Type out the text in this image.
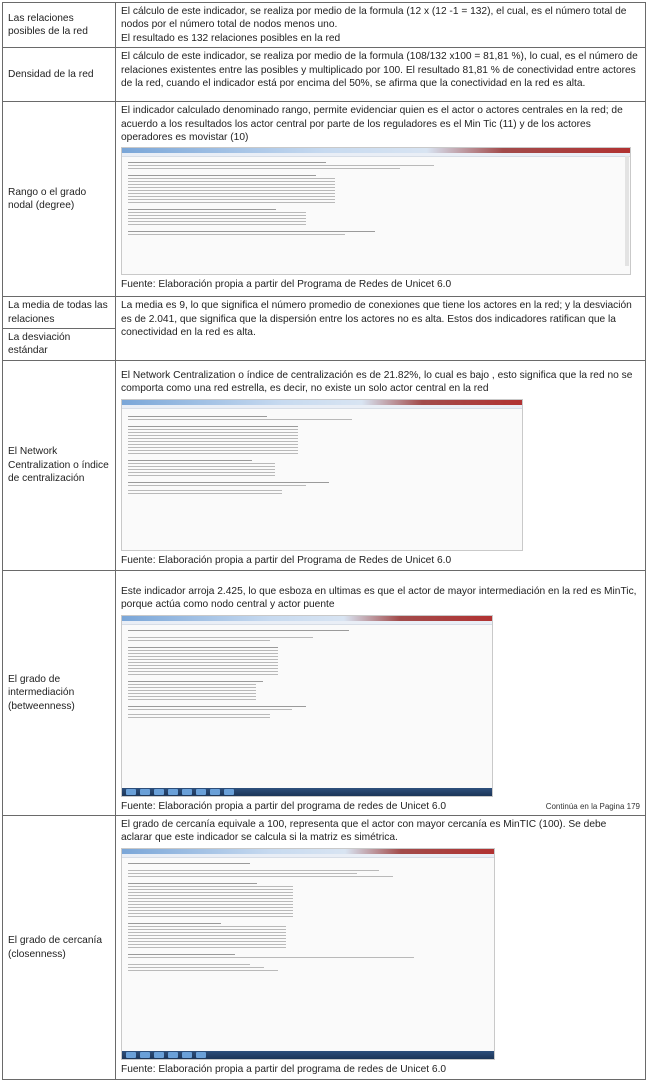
Las relaciones posibles de la red	El cálculo de este indicador, se realiza por medio de la formula (12 x (12 -1 = 132), el cual, es el número total de nodos por el número total de nodos menos uno.

El resultado es 132 relaciones posibles en la red

Densidad de la red	El cálculo de este indicador, se realiza por medio de la formula (108/132 x100 = 81,81 %), lo cual, es el número de relaciones existentes entre las posibles y multiplicado por 100. El resultado 81,81 % de conectividad entre actores de la red, cuando el indicador está por encima del 50%, se afirma que la conectividad en la red es alta.
Rango o el grado nodal (degree)	El indicador calculado denominado rango, permite evidenciar quien es el actor o actores centrales en la red; de acuerdo a los resultados los actor central por parte de los reguladores es el Min Tic (11) y de los actores operadores es movistar (10)

Fuente: Elaboración propia a partir del Programa de Redes de Unicet 6.0

La media de todas las relaciones	La media es 9, lo que significa el número promedio de conexiones que tiene los actores en la red; y la desviación es de 2.041, que significa que la dispersión entre los actores no es alta. Estos dos indicadores ratifican que la conectividad en la red es alta.
La desviación estándar	
El Network Centralization o índice de centralización	El Network Centralization o índice de centralización es de 21.82%, lo cual es bajo , esto significa que la red no se comporta como una red estrella, es decir, no existe un solo actor central en la red

Fuente: Elaboración propia a partir del Programa de Redes de Unicet 6.0

El grado de intermediación (betweenness)	Este indicador arroja 2.425, lo que esboza en ultimas es que el actor de mayor intermediación en la red es MinTic, porque actúa como nodo central y actor puente

Fuente: Elaboración propia a partir del programa de redes de Unicet 6.0 Continúa en la Pagina 179

El grado de cercanía (closenness)	El grado de cercanía equivale a 100, representa que el actor con mayor cercanía es MinTIC (100). Se debe aclarar que este indicador se calcula si la matriz es simétrica.

Fuente: Elaboración propia a partir del programa de redes de Unicet 6.0
